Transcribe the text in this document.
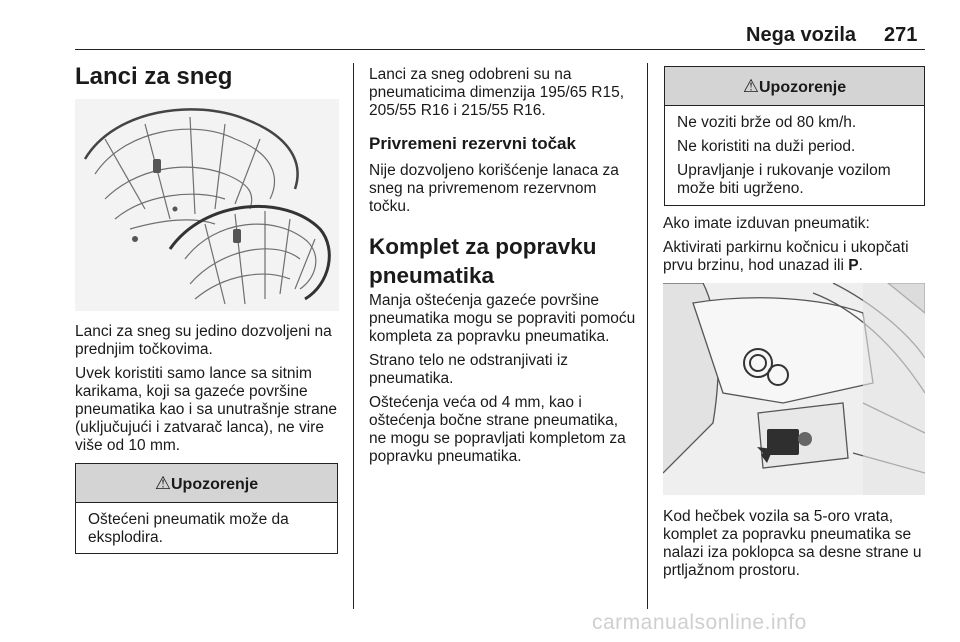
Nega vozila 271
Lanci za sneg

Lanci za sneg su jedino dozvoljeni na prednjim točkovima.

Uvek koristiti samo lance sa sitnim karikama, koji sa gazeće površine pneumatika kao i sa unutrašnje strane (uključujući i zatvarač lanca), ne vire više od 10 mm.

⚠Upozorenje

Oštećeni pneumatik može da eksplodira.

Lanci za sneg odobreni su na pneumaticima dimenzija 195/65 R15, 205/55 R16 i 215/55 R16.

Privremeni rezervni točak

Nije dozvoljeno korišćenje lanaca za sneg na privremenom rezervnom točku.

Komplet za popravku pneumatika

Manja oštećenja gazeće površine pneumatika mogu se popraviti pomoću kompleta za popravku pneumatika.

Strano telo ne odstranjivati iz pneumatika.

Oštećenja veća od 4 mm, kao i oštećenja bočne strane pneumatika, ne mogu se popravljati kompletom za popravku pneumatika.

⚠Upozorenje

Ne voziti brže od 80 km/h.

Ne koristiti na duži period.

Upravljanje i rukovanje vozilom može biti ugrženo.

Ako imate izduvan pneumatik:

Aktivirati parkirnu kočnicu i ukopčati prvu brzinu, hod unazad ili P.

Kod hečbek vozila sa 5-oro vrata, komplet za popravku pneumatika se nalazi iza poklopca sa desne strane u prtljažnom prostoru.

carmanualsonline.info
